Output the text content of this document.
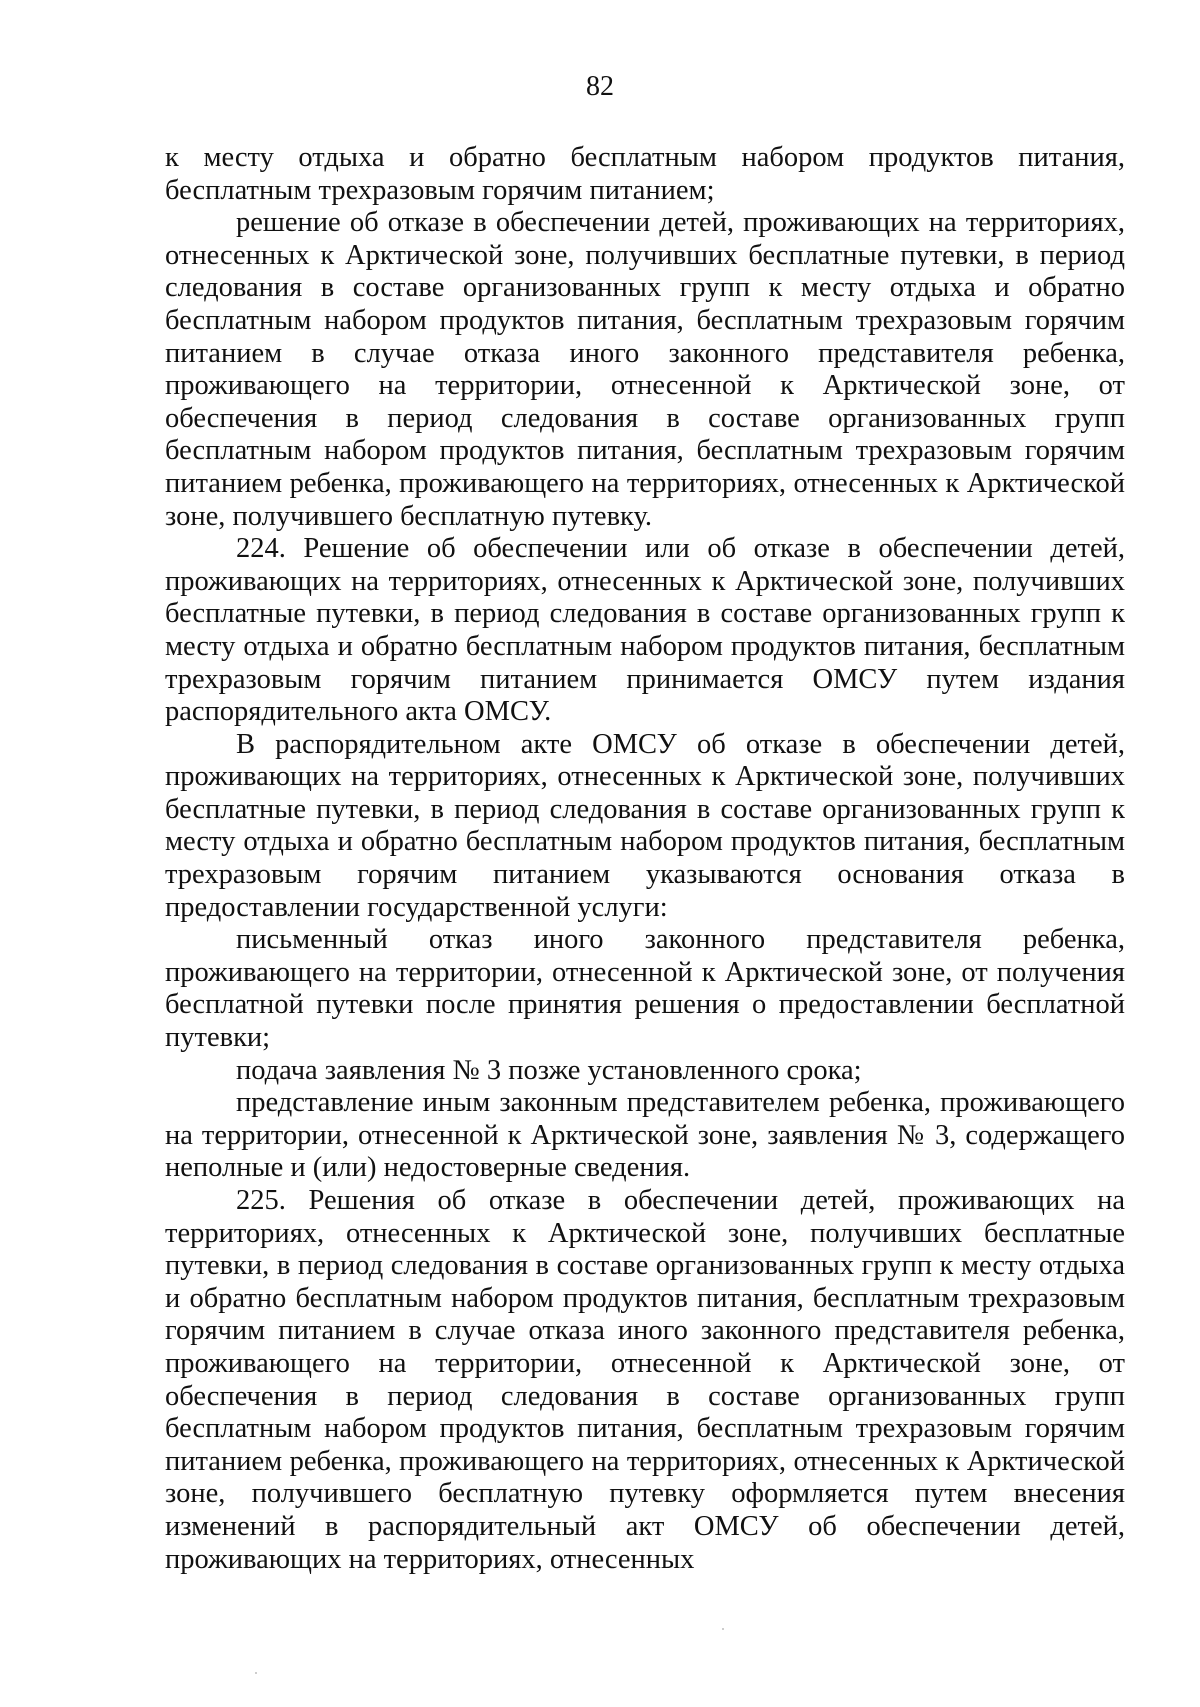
82

к месту отдыха и обратно бесплатным набором продуктов питания, бесплатным трехразовым горячим питанием;

решение об отказе в обеспечении детей, проживающих на территориях, отнесенных к Арктической зоне, получивших бесплатные путевки, в период следования в составе организованных групп к месту отдыха и обратно бесплатным набором продуктов питания, бесплатным трехразовым горячим питанием в случае отказа иного законного представителя ребенка, проживающего на территории, отнесенной к Арктической зоне, от обеспечения в период следования в составе организованных групп бесплатным набором продуктов питания, бесплатным трехразовым горячим питанием ребенка, проживающего на территориях, отнесенных к Арктической зоне, получившего бесплатную путевку.

224. Решение об обеспечении или об отказе в обеспечении детей, проживающих на территориях, отнесенных к Арктической зоне, получивших бесплатные путевки, в период следования в составе организованных групп к месту отдыха и обратно бесплатным набором продуктов питания, бесплатным трехразовым горячим питанием принимается ОМСУ путем издания распорядительного акта ОМСУ.

В распорядительном акте ОМСУ об отказе в обеспечении детей, проживающих на территориях, отнесенных к Арктической зоне, получивших бесплатные путевки, в период следования в составе организованных групп к месту отдыха и обратно бесплатным набором продуктов питания, бесплатным трехразовым горячим питанием указываются основания отказа в предоставлении государственной услуги:

письменный отказ иного законного представителя ребенка, проживающего на территории, отнесенной к Арктической зоне, от получения бесплатной путевки после принятия решения о предоставлении бесплатной путевки;

подача заявления № 3 позже установленного срока;

представление иным законным представителем ребенка, проживающего на территории, отнесенной к Арктической зоне, заявления № 3, содержащего неполные и (или) недостоверные сведения.

225. Решения об отказе в обеспечении детей, проживающих на территориях, отнесенных к Арктической зоне, получивших бесплатные путевки, в период следования в составе организованных групп к месту отдыха и обратно бесплатным набором продуктов питания, бесплатным трехразовым горячим питанием в случае отказа иного законного представителя ребенка, проживающего на территории, отнесенной к Арктической зоне, от обеспечения в период следования в составе организованных групп бесплатным набором продуктов питания, бесплатным трехразовым горячим питанием ребенка, проживающего на территориях, отнесенных к Арктической зоне, получившего бесплатную путевку оформляется путем внесения изменений в распорядительный акт ОМСУ об обеспечении детей, проживающих на территориях, отнесенных
